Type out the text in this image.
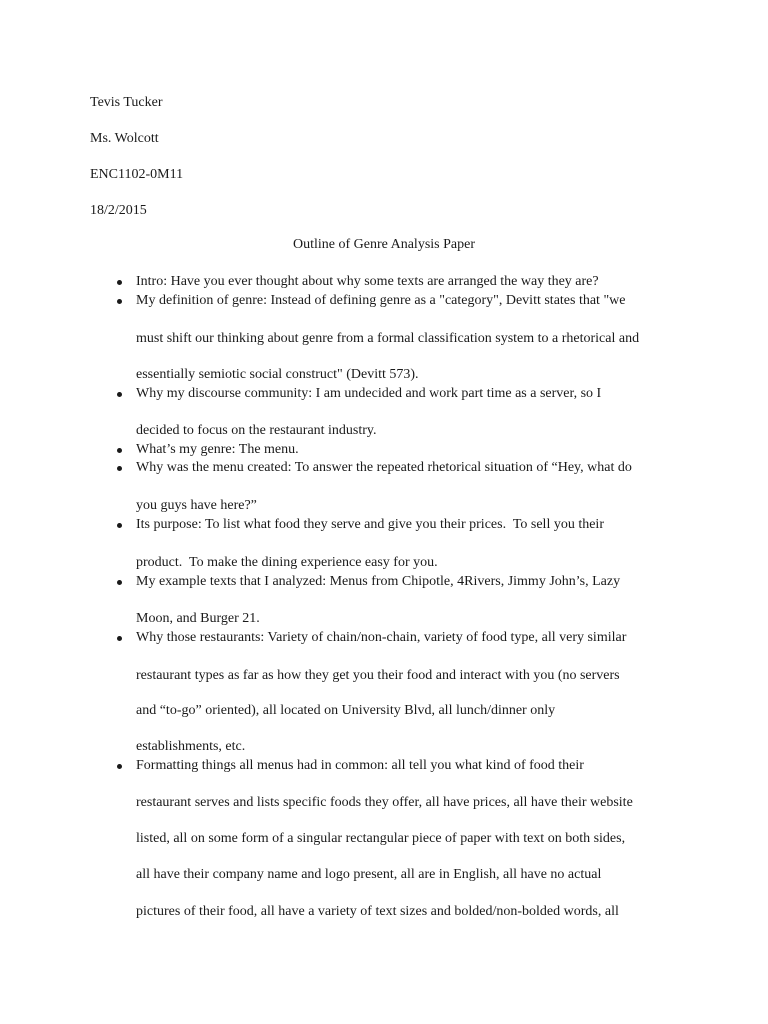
Tevis Tucker

Ms. Wolcott

ENC1102-0M11

18/2/2015

Outline of Genre Analysis Paper

Intro: Have you ever thought about why some texts are arranged the way they are?

My definition of genre: Instead of defining genre as a "category", Devitt states that "we

must shift our thinking about genre from a formal classification system to a rhetorical and

essentially semiotic social construct" (Devitt 573).

Why my discourse community: I am undecided and work part time as a server, so I

decided to focus on the restaurant industry.

What’s my genre: The menu.

Why was the menu created: To answer the repeated rhetorical situation of “Hey, what do

you guys have here?”

Its purpose: To list what food they serve and give you their prices.  To sell you their

product.  To make the dining experience easy for you.

My example texts that I analyzed: Menus from Chipotle, 4Rivers, Jimmy John’s, Lazy

Moon, and Burger 21.

Why those restaurants: Variety of chain/non-chain, variety of food type, all very similar

restaurant types as far as how they get you their food and interact with you (no servers

and “to-go” oriented), all located on University Blvd, all lunch/dinner only

establishments, etc.

Formatting things all menus had in common: all tell you what kind of food their

restaurant serves and lists specific foods they offer, all have prices, all have their website

listed, all on some form of a singular rectangular piece of paper with text on both sides,

all have their company name and logo present, all are in English, all have no actual

pictures of their food, all have a variety of text sizes and bolded/non-bolded words, all
